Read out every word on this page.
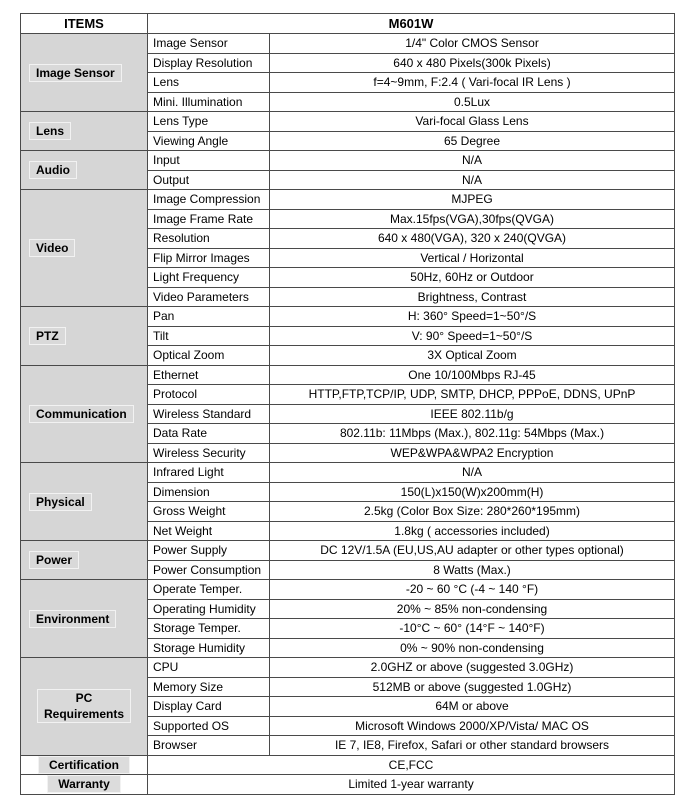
ITEMS	M601W	
Image Sensor	Image Sensor	1/4" Color CMOS Sensor
	Display Resolution	640 x 480 Pixels(300k Pixels)
	Lens	f=4~9mm, F:2.4 ( Vari-focal IR Lens )
	Mini. Illumination	0.5Lux
Lens	Lens Type	Vari-focal Glass Lens
	Viewing Angle	65 Degree
Audio	Input	N/A
	Output	N/A
Video	Image Compression	MJPEG
	Image Frame Rate	Max.15fps(VGA),30fps(QVGA)
	Resolution	640 x 480(VGA), 320 x 240(QVGA)
	Flip Mirror Images	Vertical / Horizontal
	Light Frequency	50Hz, 60Hz or Outdoor
	Video Parameters	Brightness, Contrast
PTZ	Pan	H: 360° Speed=1~50°/S
	Tilt	V: 90° Speed=1~50°/S
	Optical Zoom	3X Optical Zoom
Communication	Ethernet	One 10/100Mbps RJ-45
	Protocol	HTTP,FTP,TCP/IP, UDP, SMTP, DHCP, PPPoE, DDNS, UPnP
	Wireless Standard	IEEE 802.11b/g
	Data Rate	802.11b: 11Mbps (Max.), 802.11g: 54Mbps (Max.)
	Wireless Security	WEP&WPA&WPA2 Encryption
Physical	Infrared Light	N/A
	Dimension	150(L)x150(W)x200mm(H)
	Gross Weight	2.5kg (Color Box Size: 280*260*195mm)
	Net Weight	1.8kg ( accessories included)
Power	Power Supply	DC 12V/1.5A (EU,US,AU adapter or other types optional)
	Power Consumption	8 Watts (Max.)
Environment	Operate Temper.	-20 ~ 60 °C (-4 ~ 140 °F)
	Operating Humidity	20% ~ 85% non-condensing
	Storage Temper.	-10°C ~ 60° (14°F ~ 140°F)
	Storage Humidity	0% ~ 90% non-condensing
PC
Requirements	CPU	2.0GHZ or above (suggested 3.0GHz)
	Memory Size	512MB or above (suggested 1.0GHz)
	Display Card	64M or above
	Supported OS	Microsoft Windows 2000/XP/Vista/ MAC OS
	Browser	IE 7, IE8, Firefox, Safari or other standard browsers
Certification	CE,FCC	
Warranty	Limited 1-year warranty	
